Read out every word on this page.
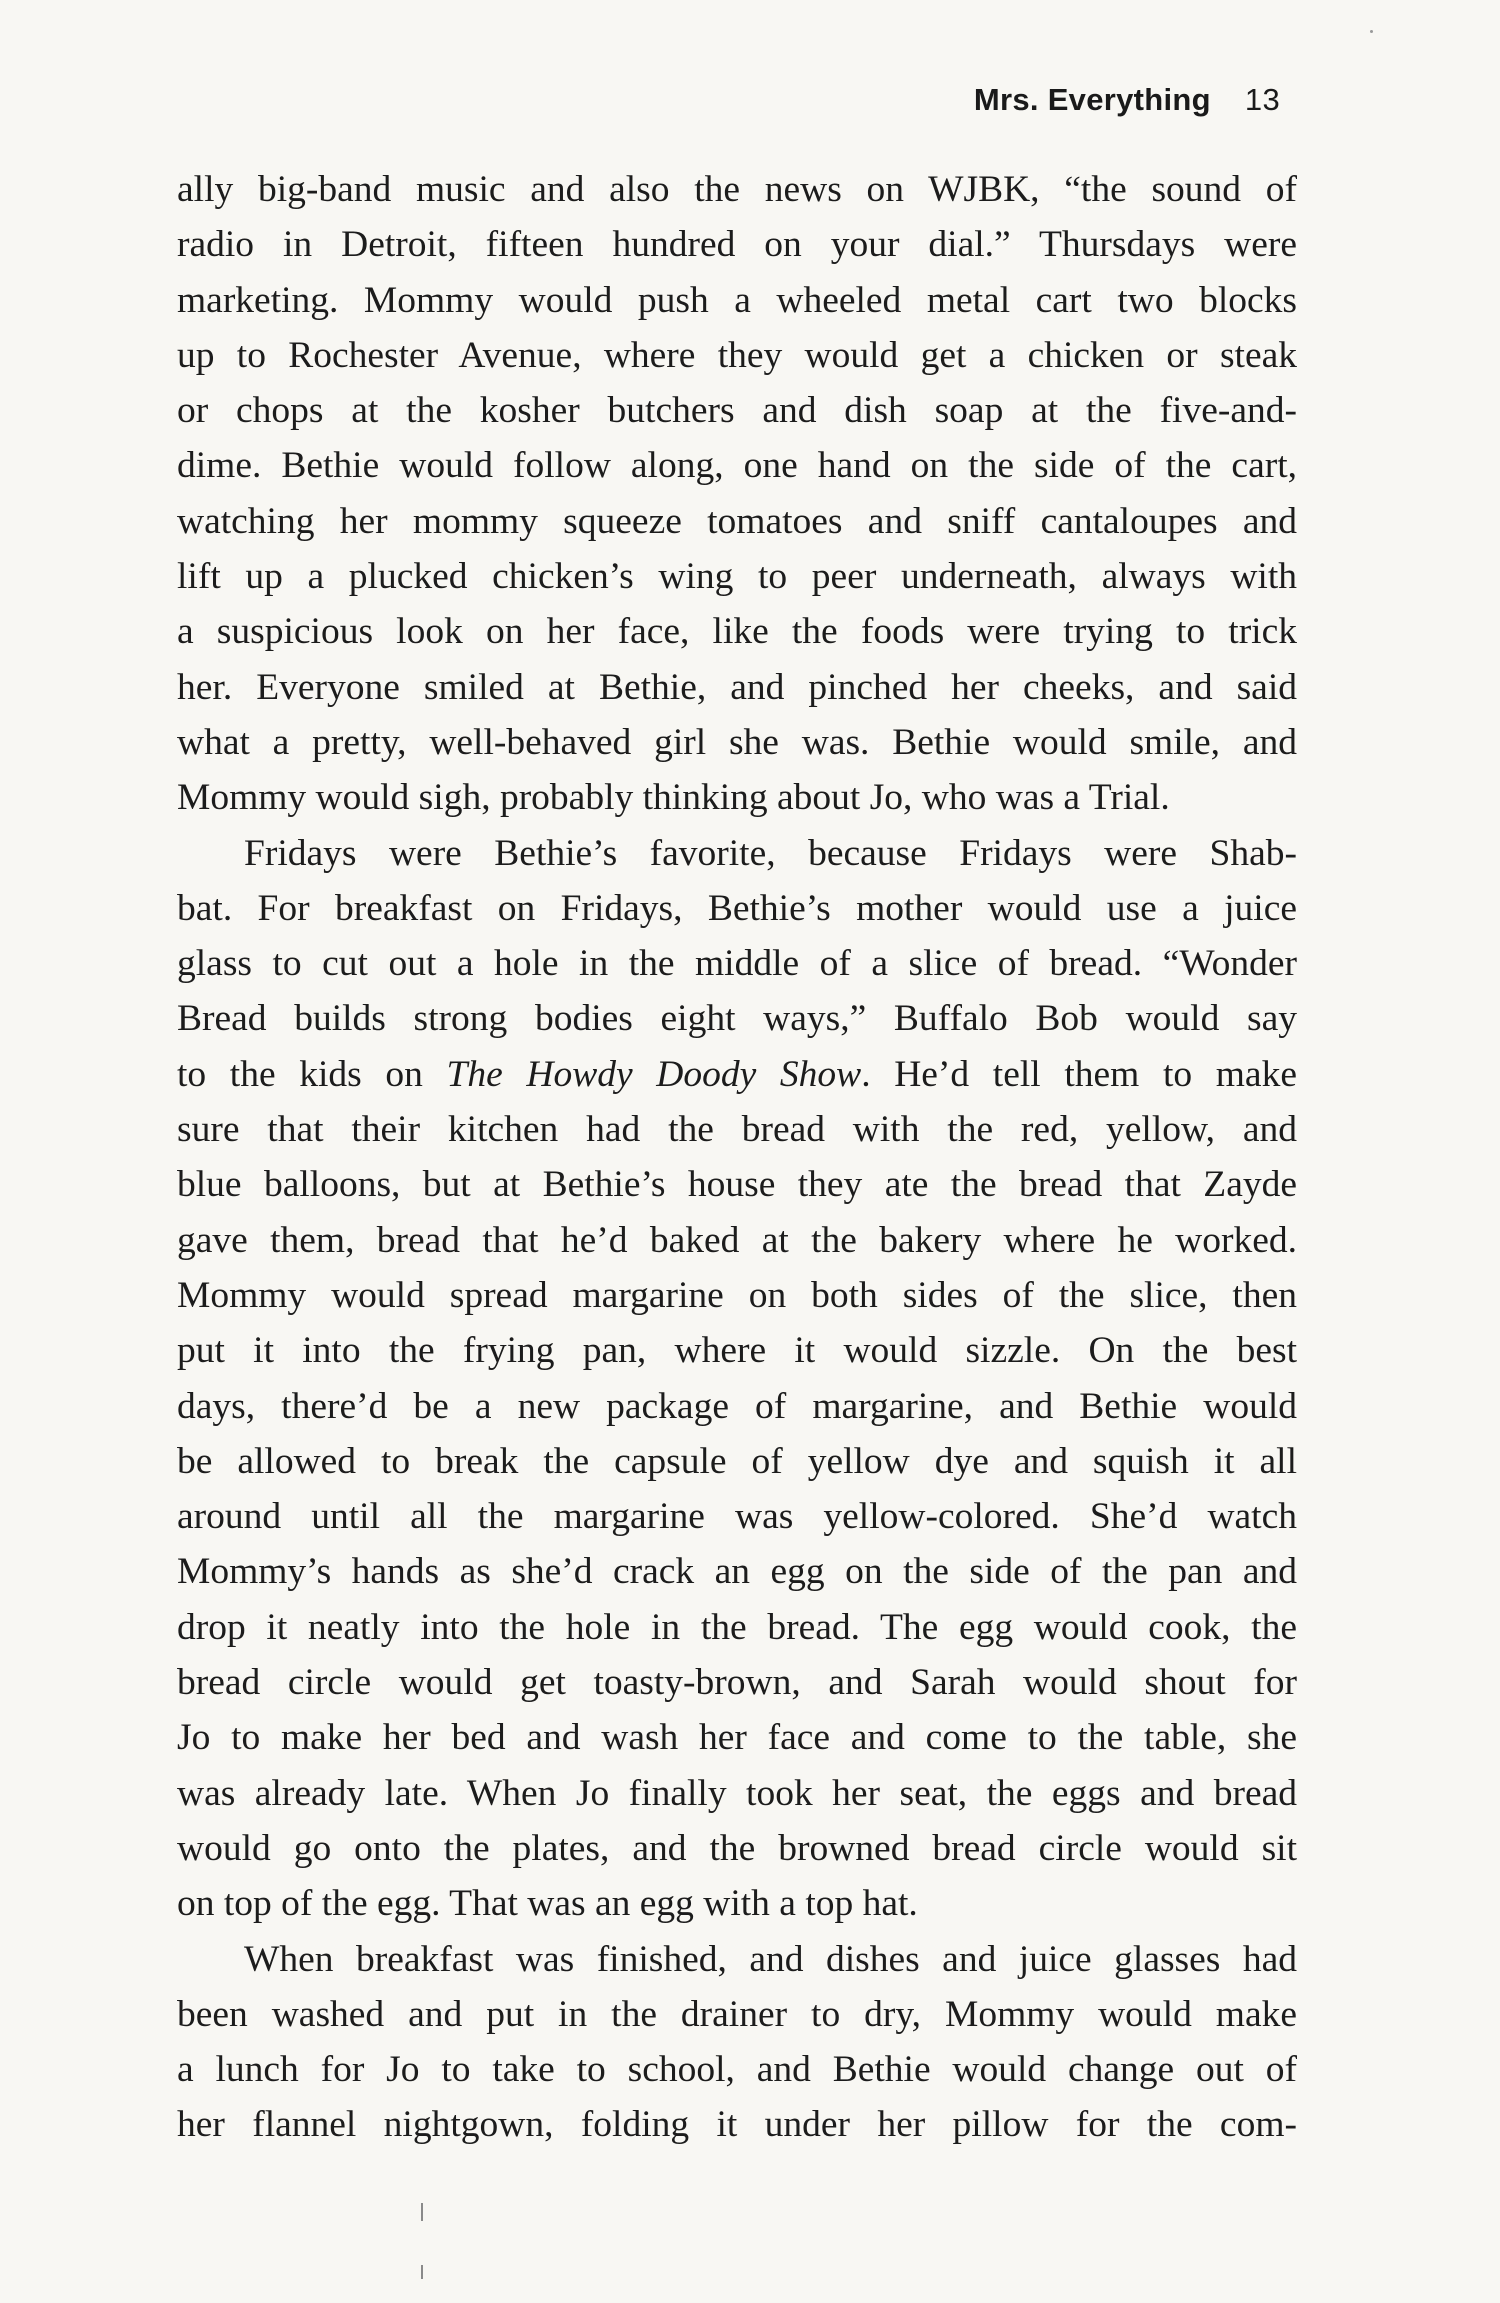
Mrs. Everything 13
ally big-band music and also the news on WJBK, “the sound of
radio in Detroit, fifteen hundred on your dial.” Thursdays were
marketing. Mommy would push a wheeled metal cart two blocks
up to Rochester Avenue, where they would get a chicken or steak
or chops at the kosher butchers and dish soap at the five-and-
dime. Bethie would follow along, one hand on the side of the cart,
watching her mommy squeeze tomatoes and sniff cantaloupes and
lift up a plucked chicken’s wing to peer underneath, always with
a suspicious look on her face, like the foods were trying to trick
her. Everyone smiled at Bethie, and pinched her cheeks, and said
what a pretty, well-behaved girl she was. Bethie would smile, and
Mommy would sigh, probably thinking about Jo, who was a Trial.
Fridays were Bethie’s favorite, because Fridays were Shab-
bat. For breakfast on Fridays, Bethie’s mother would use a juice
glass to cut out a hole in the middle of a slice of bread. “Wonder
Bread builds strong bodies eight ways,” Buffalo Bob would say
to the kids on The Howdy Doody Show. He’d tell them to make
sure that their kitchen had the bread with the red, yellow, and
blue balloons, but at Bethie’s house they ate the bread that Zayde
gave them, bread that he’d baked at the bakery where he worked.
Mommy would spread margarine on both sides of the slice, then
put it into the frying pan, where it would sizzle. On the best
days, there’d be a new package of margarine, and Bethie would
be allowed to break the capsule of yellow dye and squish it all
around until all the margarine was yellow-colored. She’d watch
Mommy’s hands as she’d crack an egg on the side of the pan and
drop it neatly into the hole in the bread. The egg would cook, the
bread circle would get toasty-brown, and Sarah would shout for
Jo to make her bed and wash her face and come to the table, she
was already late. When Jo finally took her seat, the eggs and bread
would go onto the plates, and the browned bread circle would sit
on top of the egg. That was an egg with a top hat.
When breakfast was finished, and dishes and juice glasses had
been washed and put in the drainer to dry, Mommy would make
a lunch for Jo to take to school, and Bethie would change out of
her flannel nightgown, folding it under her pillow for the com-
